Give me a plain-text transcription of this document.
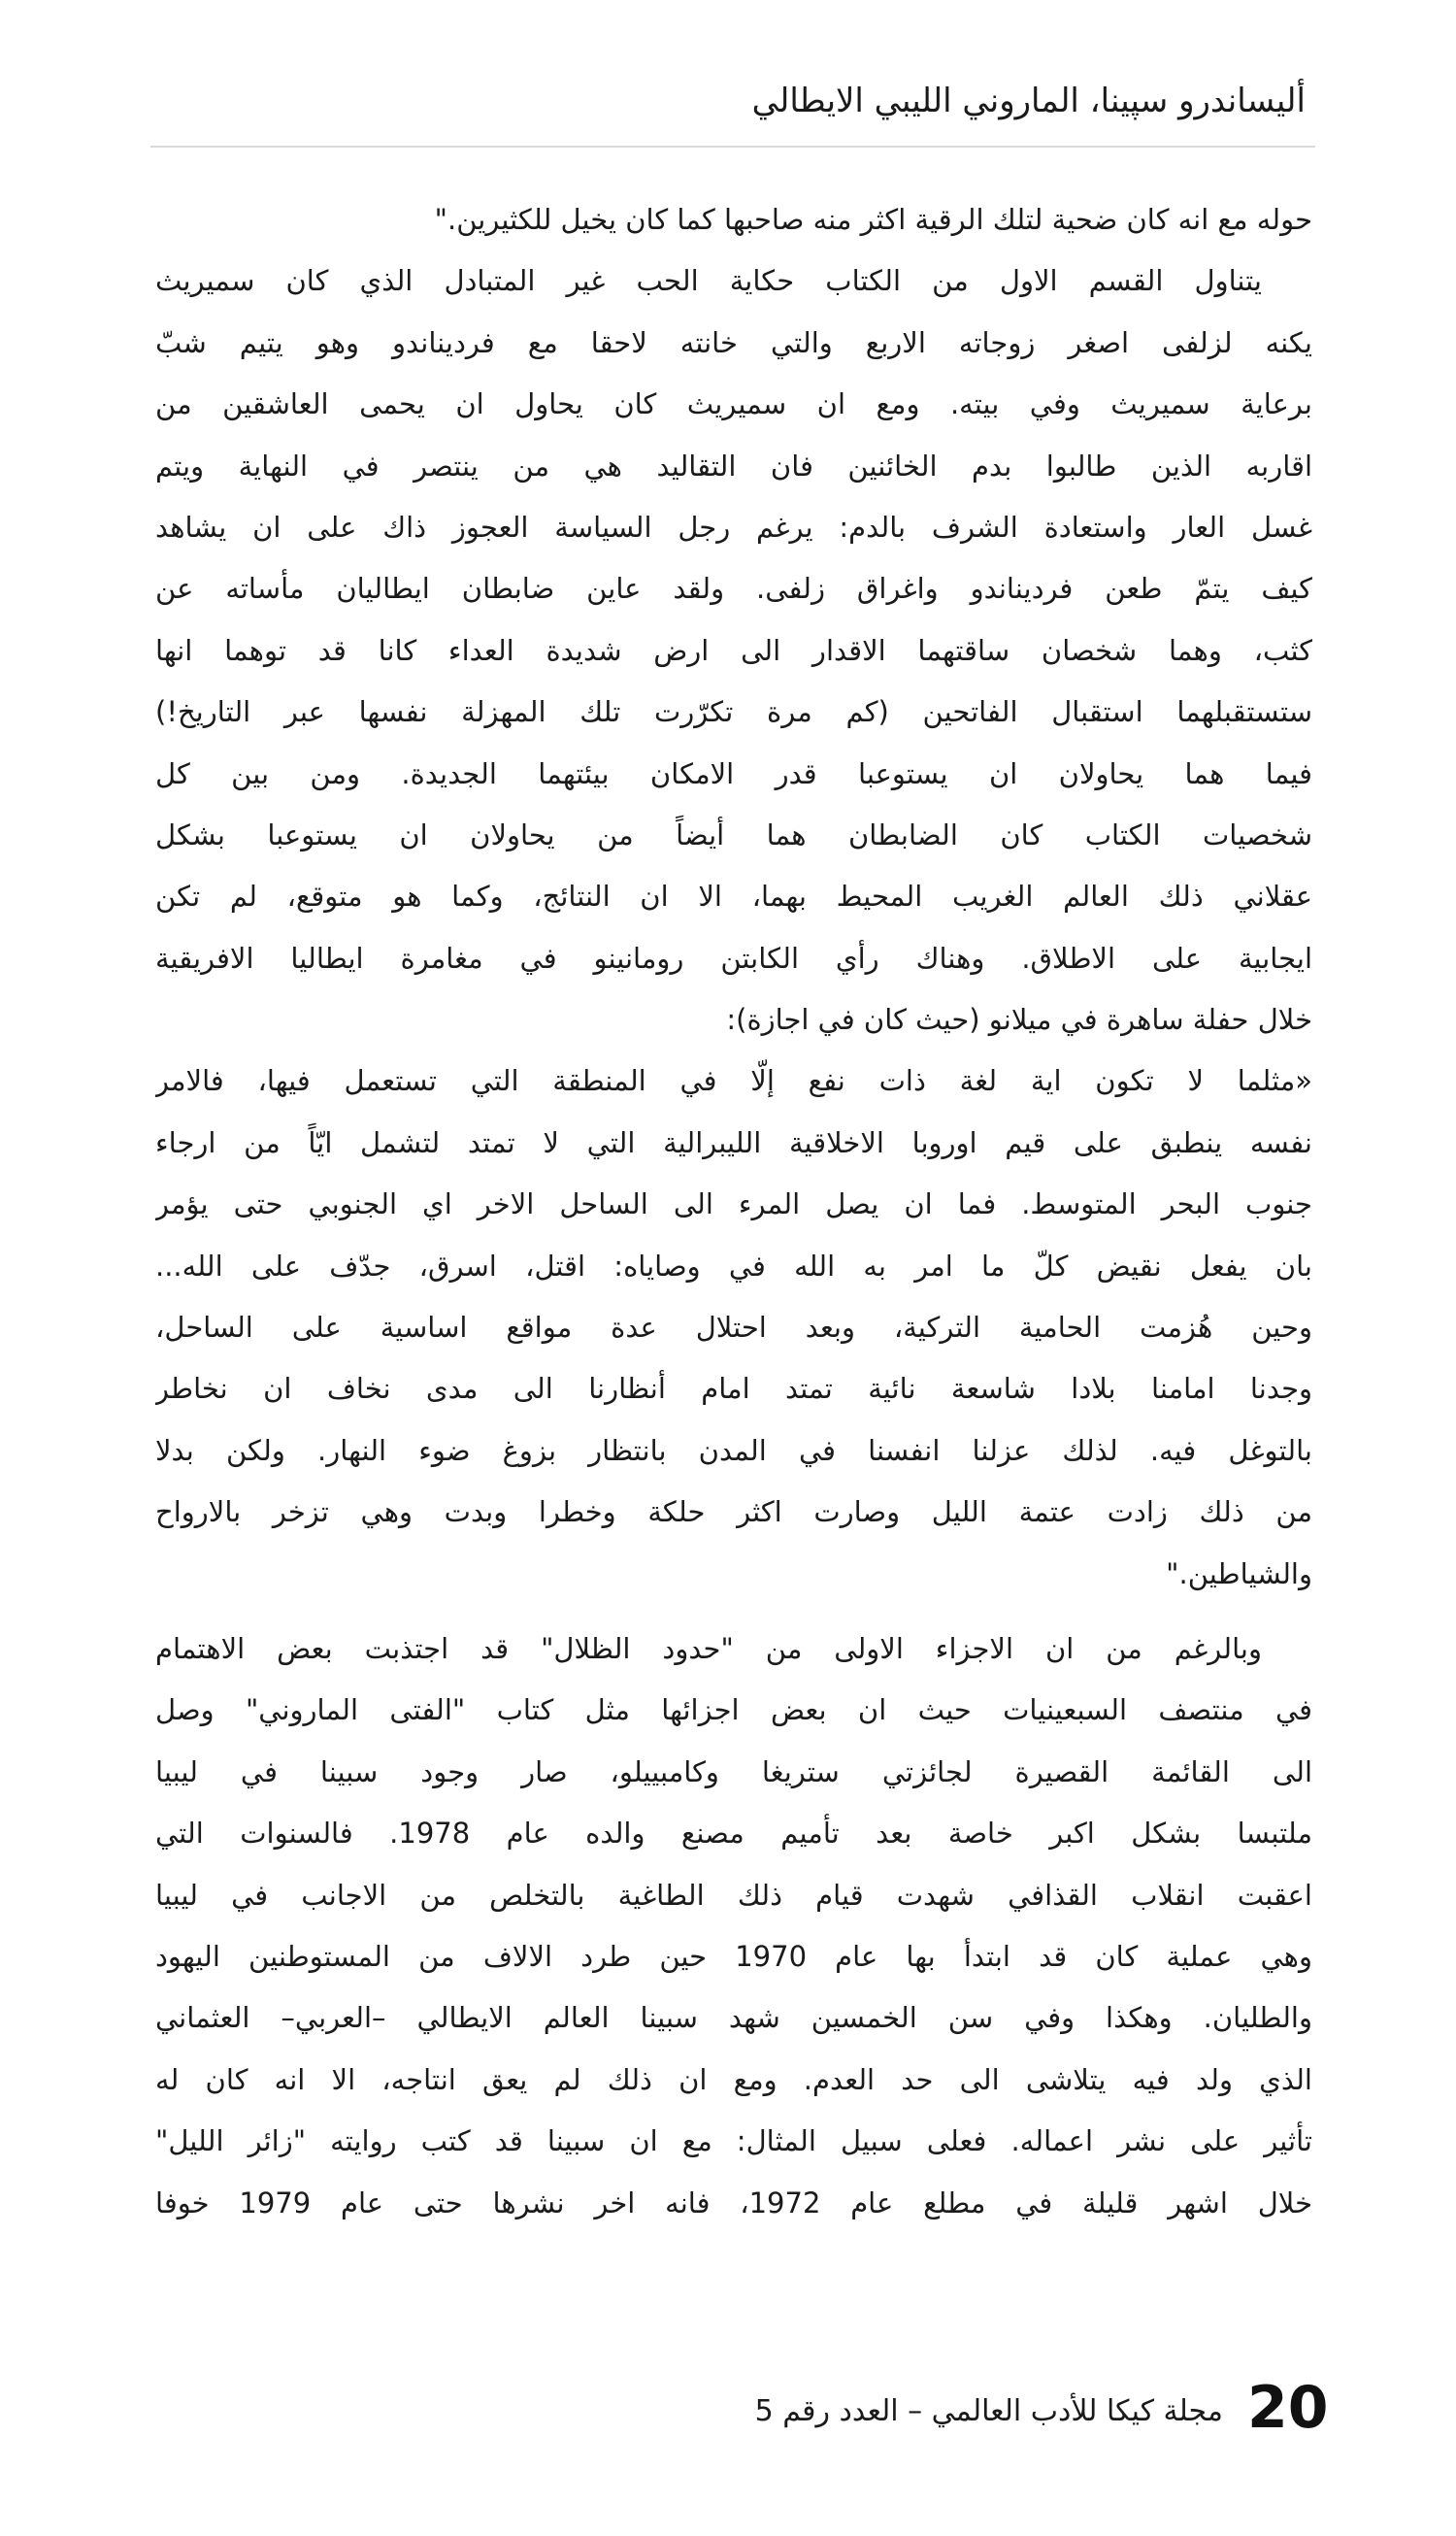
أليساندرو سپينا، الماروني الليبي الايطالي
حوله مع انه كان ضحية لتلك الرقية اكثر منه صاحبها كما كان يخيل للكثيرين."
يتناول القسم الاول من الكتاب حكاية الحب غير المتبادل الذي كان سميريث
يكنه لزلفى اصغر زوجاته الاربع والتي خانته لاحقا مع فرديناندو وهو يتيم شبّ
برعاية سميريث وفي بيته. ومع ان سميريث كان يحاول ان يحمى العاشقين من
اقاربه الذين طالبوا بدم الخائنين فان التقاليد هي من ينتصر في النهاية ويتم
غسل العار واستعادة الشرف بالدم: يرغم رجل السياسة العجوز ذاك على ان يشاهد
كيف يتمّ طعن فرديناندو واغراق زلفى. ولقد عاين ضابطان ايطاليان مأساته عن
كثب، وهما شخصان ساقتهما الاقدار الى ارض شديدة العداء كانا قد توهما انها
ستستقبلهما استقبال الفاتحين (كم مرة تكرّرت تلك المهزلة نفسها عبر التاريخ!)
فيما هما يحاولان ان يستوعبا قدر الامكان بيئتهما الجديدة. ومن بين كل
شخصيات الكتاب كان الضابطان هما أيضاً من يحاولان ان يستوعبا بشكل
عقلاني ذلك العالم الغريب المحيط بهما، الا ان النتائج، وكما هو متوقع، لم تكن
ايجابية على الاطلاق. وهناك رأي الكابتن رومانينو في مغامرة ايطاليا الافريقية
خلال حفلة ساهرة في ميلانو (حيث كان في اجازة):
«مثلما لا تكون اية لغة ذات نفع إلّا في المنطقة التي تستعمل فيها، فالامر
نفسه ينطبق على قيم اوروبا الاخلاقية الليبرالية التي لا تمتد لتشمل ايّاً من ارجاء
جنوب البحر المتوسط. فما ان يصل المرء الى الساحل الاخر اي الجنوبي حتى يؤمر
بان يفعل نقيض كلّ ما امر به الله في وصاياه: اقتل، اسرق، جدّف على الله...
وحين هُزمت الحامية التركية، وبعد احتلال عدة مواقع اساسية على الساحل،
وجدنا امامنا بلادا شاسعة نائية تمتد امام أنظارنا الى مدى نخاف ان نخاطر
بالتوغل فيه. لذلك عزلنا انفسنا في المدن بانتظار بزوغ ضوء النهار. ولكن بدلا
من ذلك زادت عتمة الليل وصارت اكثر حلكة وخطرا وبدت وهي تزخر بالارواح
والشياطين."
وبالرغم من ان الاجزاء الاولى من "حدود الظلال" قد اجتذبت بعض الاهتمام
في منتصف السبعينيات حيث ان بعض اجزائها مثل كتاب "الفتى الماروني" وصل
الى القائمة القصيرة لجائزتي ستريغا وكامبييلو، صار وجود سبينا في ليبيا
ملتبسا بشكل اكبر خاصة بعد تأميم مصنع والده عام 1978. فالسنوات التي
اعقبت انقلاب القذافي شهدت قيام ذلك الطاغية بالتخلص من الاجانب في ليبيا
وهي عملية كان قد ابتدأ بها عام 1970 حين طرد الالاف من المستوطنين اليهود
والطليان. وهكذا وفي سن الخمسين شهد سبينا العالم الايطالي –العربي– العثماني
الذي ولد فيه يتلاشى الى حد العدم. ومع ان ذلك لم يعق انتاجه، الا انه كان له
تأثير على نشر اعماله. فعلى سبيل المثال: مع ان سبينا قد كتب روايته "زائر الليل"
خلال اشهر قليلة في مطلع عام 1972، فانه اخر نشرها حتى عام 1979 خوفا
20
مجلة كيكا للأدب العالمي – العدد رقم 5
